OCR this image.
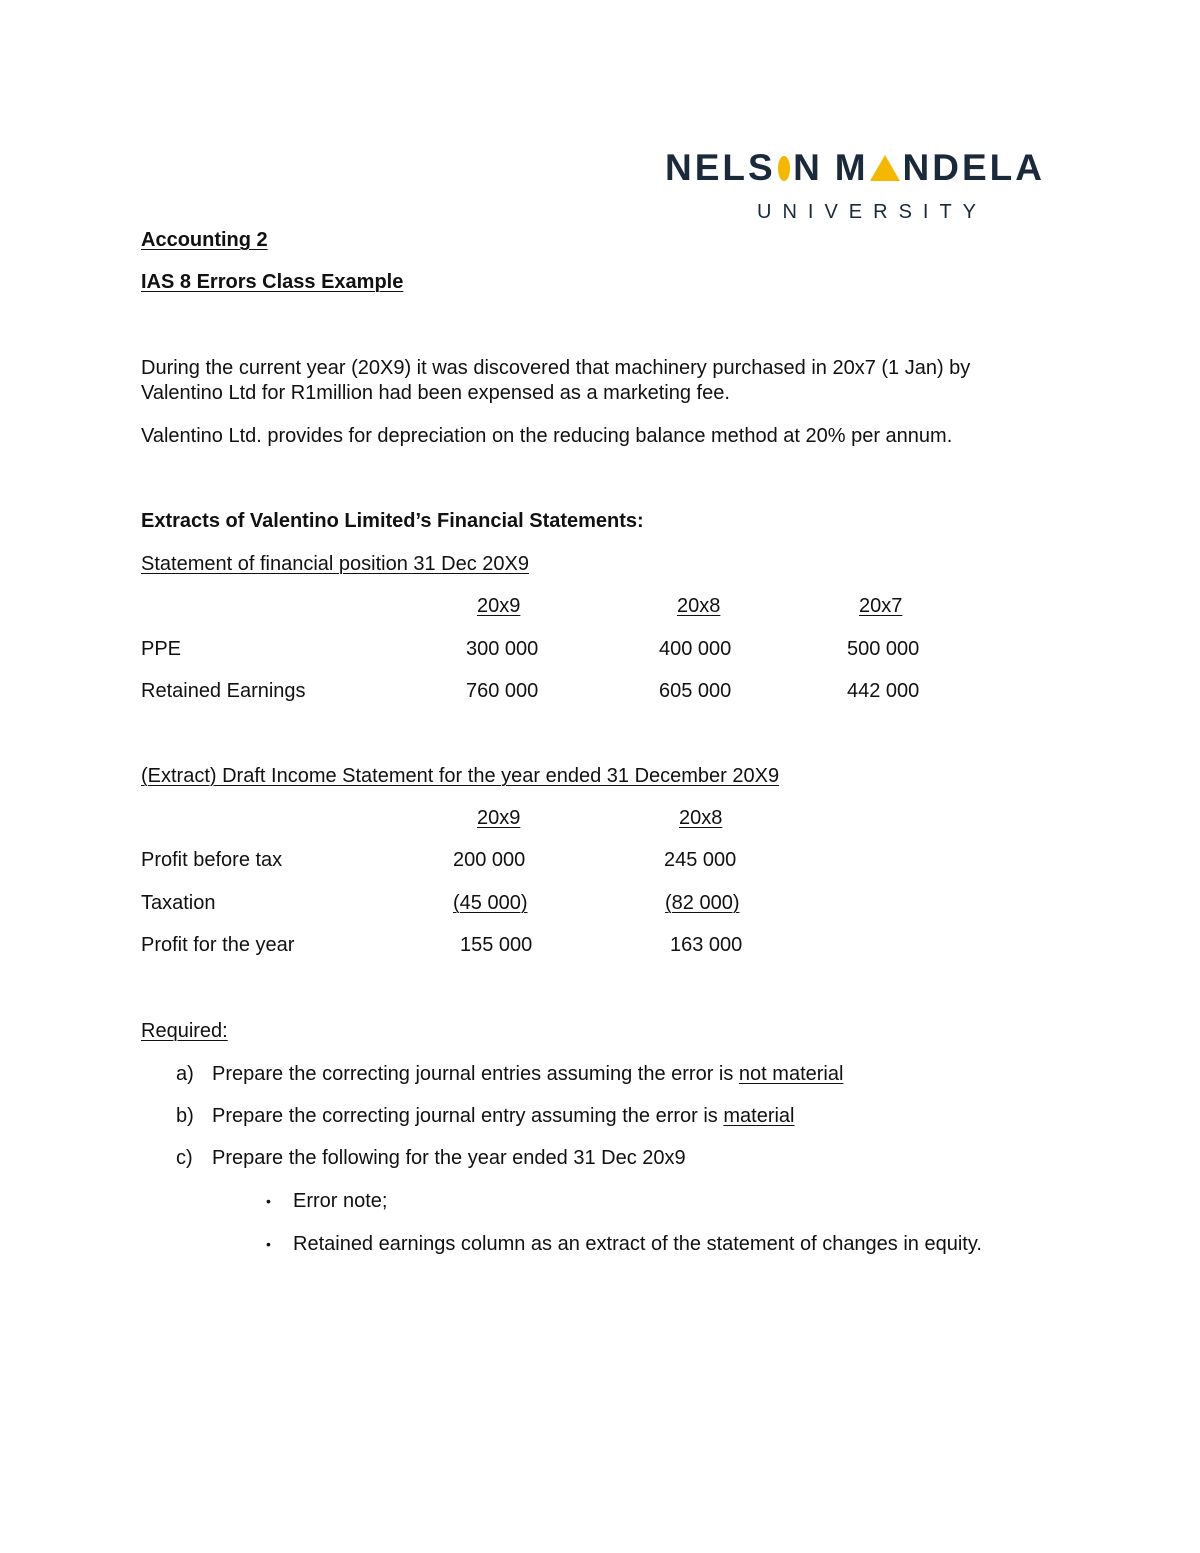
NELS N M NDELA
UNIVERSITY
Accounting 2
IAS 8 Errors Class Example
During the current year (20X9) it was discovered that machinery purchased in 20x7 (1 Jan) by
Valentino Ltd for R1million had been expensed as a marketing fee.
Valentino Ltd. provides for depreciation on the reducing balance method at 20% per annum.
Extracts of Valentino Limited’s Financial Statements:
Statement of financial position 31 Dec 20X9
20x9	20x8	20x7
PPE	300 000	400 000	500 000
Retained Earnings	760 000	605 000	442 000
(Extract) Draft Income Statement for the year ended 31 December 20X9
20x9	20x8
Profit before tax	200 000	245 000
Taxation	(45 000)	(82 000)
Profit for the year	155 000	163 000
Required:
a) Prepare the correcting journal entries assuming the error is not material
b) Prepare the correcting journal entry assuming the error is material
c) Prepare the following for the year ended 31 Dec 20x9
• Error note;
• Retained earnings column as an extract of the statement of changes in equity.
